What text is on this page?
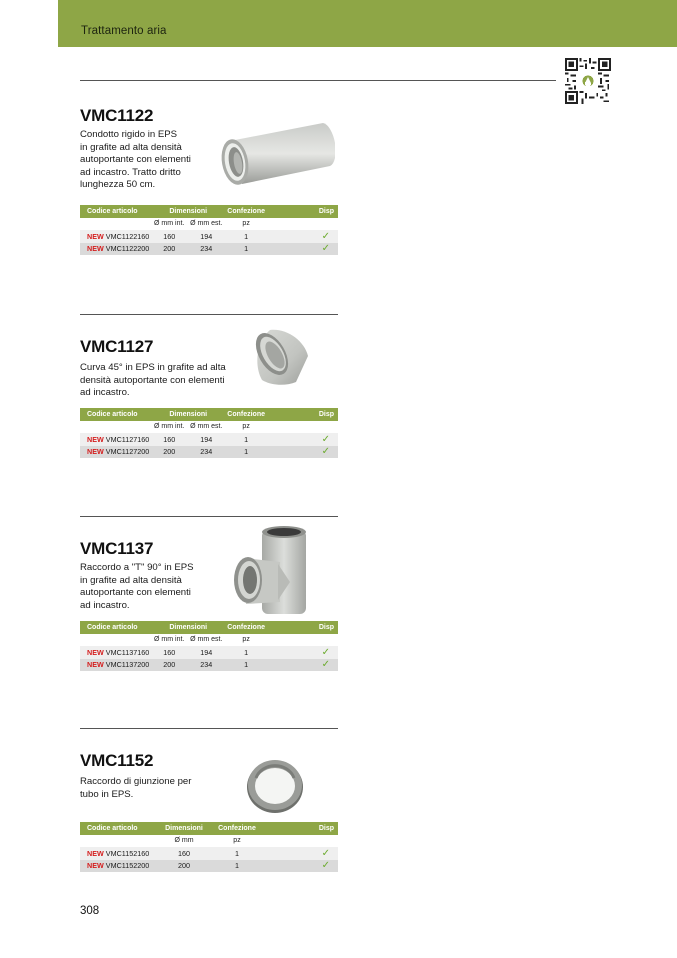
Trattamento aria
VMC1122
Condotto rigido in EPS
in grafite ad alta densità
autoportante con elementi
ad incastro. Tratto dritto
lunghezza 50 cm.
Codice articolo	Dimensioni		Confezione	Disp
	Ø mm int.	Ø mm est.	pz	
NEW VMC1122160	160	194	1	✓
NEW VMC1122200	200	234	1	✓
VMC1127
Curva 45° in EPS in grafite ad alta
densità autoportante con elementi
ad incastro.
Codice articolo	Dimensioni		Confezione	Disp
	Ø mm int.	Ø mm est.	pz	
NEW VMC1127160	160	194	1	✓
NEW VMC1127200	200	234	1	✓
VMC1137
Raccordo a "T" 90° in EPS
in grafite ad alta densità
autoportante con elementi
ad incastro.
Codice articolo	Dimensioni		Confezione	Disp
	Ø mm int.	Ø mm est.	pz	
NEW VMC1137160	160	194	1	✓
NEW VMC1137200	200	234	1	✓
VMC1152
Raccordo di giunzione per
tubo in EPS.
Codice articolo	Dimensioni	Confezione	Disp
	Ø mm	pz	
NEW VMC1152160	160	1	✓
NEW VMC1152200	200	1	✓
308
